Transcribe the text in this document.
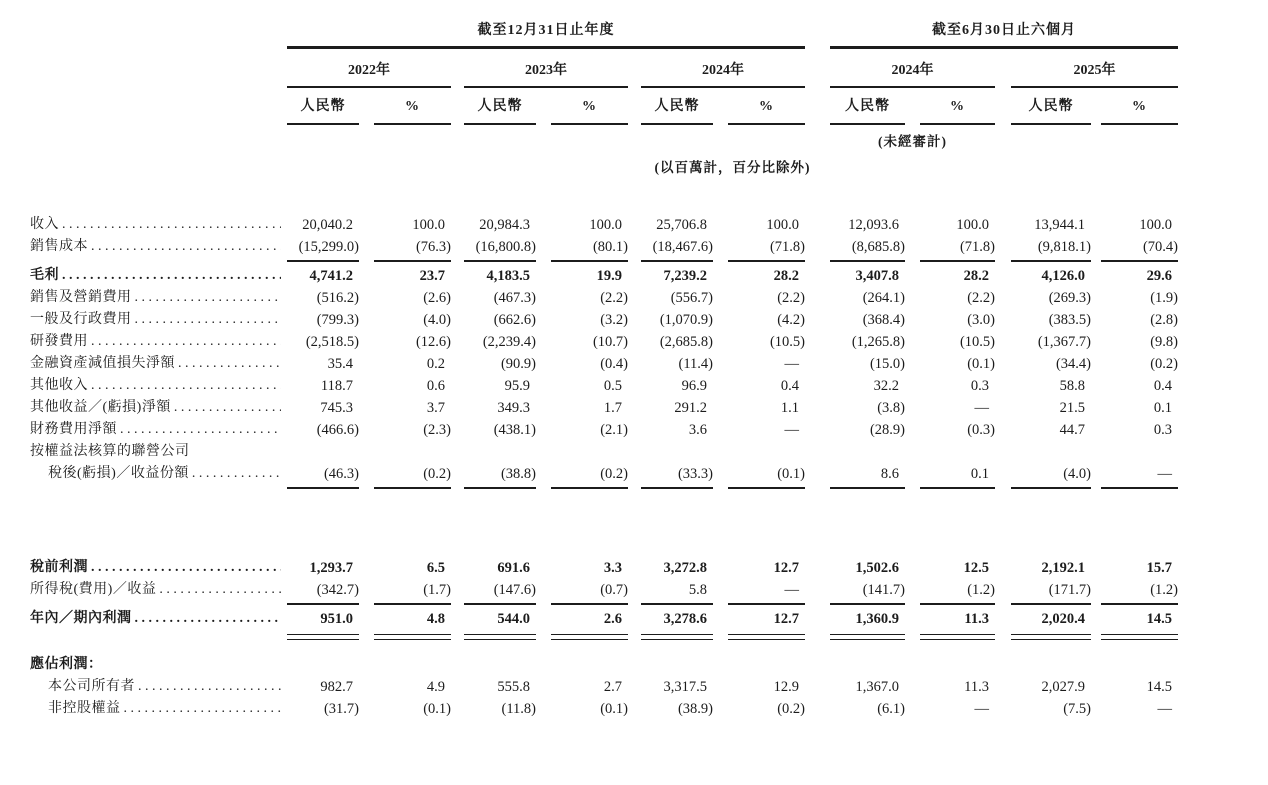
截至12月31日止年度	截至6月30日止六個月
2022年	2023年	2024年	2024年	2025年
人民幣	%	人民幣	%	人民幣	%	人民幣	%	人民幣	%
(未經審計)
(以百萬計，百分比除外)
收入 .....	20,040.2	100.0	20,984.3	100.0	25,706.8	100.0	12,093.6	100.0	13,944.1	100.0
銷售成本 .....	(15,299.0)	(76.3)	(16,800.8)	(80.1)	(18,467.6)	(71.8)	(8,685.8)	(71.8)	(9,818.1)	(70.4)
毛利 .....	4,741.2	23.7	4,183.5	19.9	7,239.2	28.2	3,407.8	28.2	4,126.0	29.6
銷售及營銷費用 .....	(516.2)	(2.6)	(467.3)	(2.2)	(556.7)	(2.2)	(264.1)	(2.2)	(269.3)	(1.9)
一般及行政費用 .....	(799.3)	(4.0)	(662.6)	(3.2)	(1,070.9)	(4.2)	(368.4)	(3.0)	(383.5)	(2.8)
研發費用 .....	(2,518.5)	(12.6)	(2,239.4)	(10.7)	(2,685.8)	(10.5)	(1,265.8)	(10.5)	(1,367.7)	(9.8)
金融資產減值損失淨額 .....	35.4	0.2	(90.9)	(0.4)	(11.4)	—	(15.0)	(0.1)	(34.4)	(0.2)
其他收入 .....	118.7	0.6	95.9	0.5	96.9	0.4	32.2	0.3	58.8	0.4
其他收益／(虧損)淨額 .....	745.3	3.7	349.3	1.7	291.2	1.1	(3.8)	—	21.5	0.1
財務費用淨額 .....	(466.6)	(2.3)	(438.1)	(2.1)	3.6	—	(28.9)	(0.3)	44.7	0.3
按權益法核算的聯營公司
稅後(虧損)／收益份額 .....	(46.3)	(0.2)	(38.8)	(0.2)	(33.3)	(0.1)	8.6	0.1	(4.0)	—
稅前利潤 .....	1,293.7	6.5	691.6	3.3	3,272.8	12.7	1,502.6	12.5	2,192.1	15.7
所得稅(費用)／收益 .....	(342.7)	(1.7)	(147.6)	(0.7)	5.8	—	(141.7)	(1.2)	(171.7)	(1.2)
年內／期內利潤 .....	951.0	4.8	544.0	2.6	3,278.6	12.7	1,360.9	11.3	2,020.4	14.5
應佔利潤：
本公司所有者 .....	982.7	4.9	555.8	2.7	3,317.5	12.9	1,367.0	11.3	2,027.9	14.5
非控股權益 .....	(31.7)	(0.1)	(11.8)	(0.1)	(38.9)	(0.2)	(6.1)	—	(7.5)	—
